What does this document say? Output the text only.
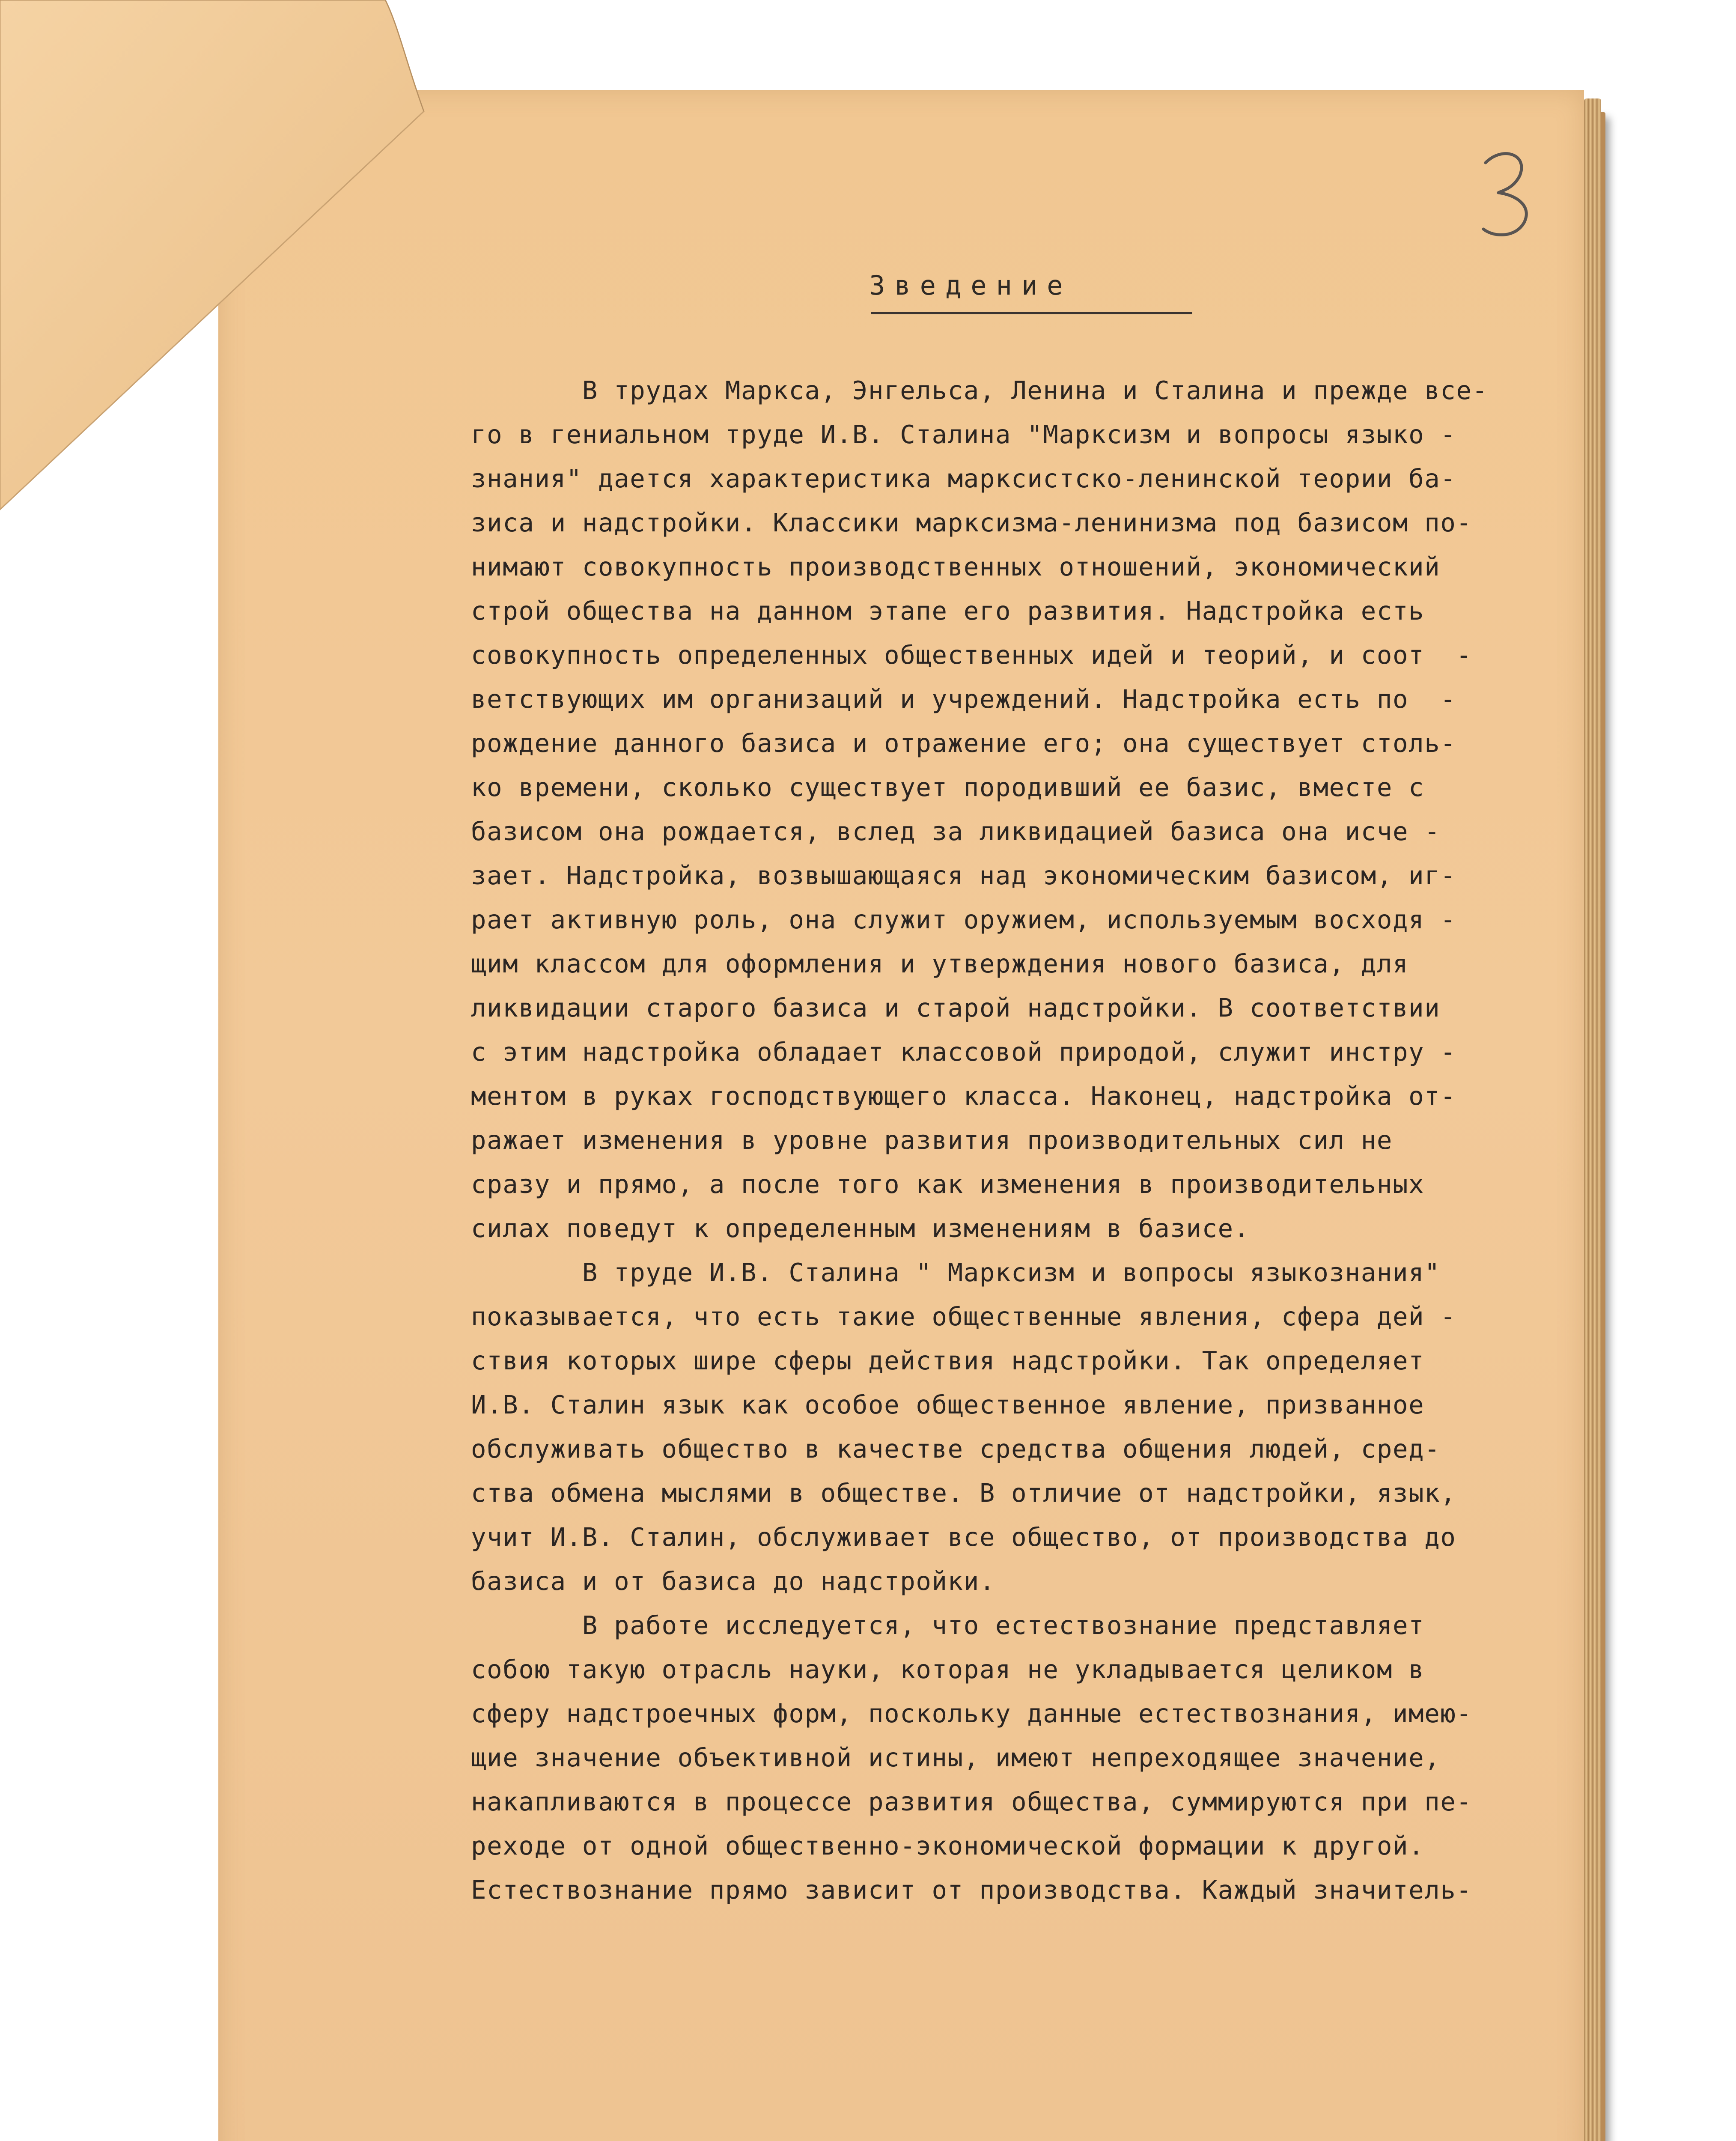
Зведение
В трудах Маркса, Энгельса, Ленина и Сталина и прежде все-
го в гениальном труде И.В. Сталина "Марксизм и вопросы языко -
знания" дается характеристика марксистско-ленинской теории ба-
зиса и надстройки. Классики марксизма-ленинизма под базисом по-
нимают совокупность производственных отношений, экономический
строй общества на данном этапе его развития. Надстройка есть
совокупность определенных общественных идей и теорий, и соот  -
ветствующих им организаций и учреждений. Надстройка есть по  -
рождение данного базиса и отражение его; она существует столь-
ко времени, сколько существует породивший ее базис, вместе с
базисом она рождается, вслед за ликвидацией базиса она исче -
зает. Надстройка, возвышающаяся над экономическим базисом, иг-
рает активную роль, она служит оружием, используемым восходя -
щим классом для оформления и утверждения нового базиса, для
ликвидации старого базиса и старой надстройки. В соответствии
с этим надстройка обладает классовой природой, служит инстру -
ментом в руках господствующего класса. Наконец, надстройка от-
ражает изменения в уровне развития производительных сил не
сразу и прямо, а после того как изменения в производительных
силах поведут к определенным изменениям в базисе.
В труде И.В. Сталина " Марксизм и вопросы языкознания"
показывается, что есть такие общественные явления, сфера дей -
ствия которых шире сферы действия надстройки. Так определяет
И.В. Сталин язык как особое общественное явление, призванное
обслуживать общество в качестве средства общения людей, сред-
ства обмена мыслями в обществе. В отличие от надстройки, язык,
учит И.В. Сталин, обслуживает все общество, от производства до
базиса и от базиса до надстройки.
В работе исследуется, что естествознание представляет
собою такую отрасль науки, которая не укладывается целиком в
сферу надстроечных форм, поскольку данные естествознания, имею-
щие значение объективной истины, имеют непреходящее значение,
накапливаются в процессе развития общества, суммируются при пе-
реходе от одной общественно-экономической формации к другой.
Естествознание прямо зависит от производства. Каждый значитель-
